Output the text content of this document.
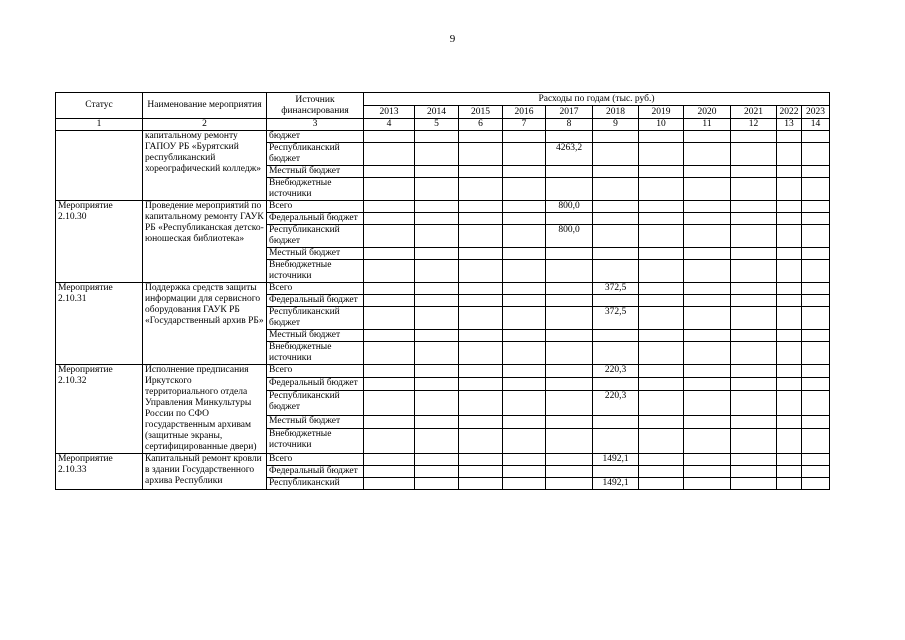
9
Статус	Наименование мероприятия	Источник финансирования	Расходы по годам (тыс. руб.)										
			2013	2014	2015	2016	2017	2018	2019	2020	2021	2022	2023
1	2	3	4	5	6	7	8	9	10	11	12	13	14
	капитальному ремонту ГАПОУ РБ «Бурятский республиканский хореографический колледж»	бюджет											
		Республиканский бюджет					4263,2						
		Местный бюджет											
		Внебюджетные источники											
Мероприятие 2.10.30	Проведение мероприятий по капитальному ремонту ГАУК РБ «Республиканская детско-юношеская библиотека»	Всего					800,0						
		Федеральный бюджет											
		Республиканский бюджет					800,0						
		Местный бюджет											
		Внебюджетные источники											
Мероприятие 2.10.31	Поддержка средств защиты информации для сервисного оборудования ГАУК РБ «Государственный архив РБ»	Всего						372,5					
		Федеральный бюджет											
		Республиканский бюджет						372,5					
		Местный бюджет											
		Внебюджетные источники											
Мероприятие 2.10.32	Исполнение предписания Иркутского территориального отдела Управления Минкультуры России по СФО государственным архивам (защитные экраны, сертифицированные двери)	Всего						220,3					
		Федеральный бюджет											
		Республиканский бюджет						220,3					
		Местный бюджет											
		Внебюджетные источники											
Мероприятие 2.10.33	Капитальный ремонт кровли в здании Государственного архива Республики	Всего						1492,1					
		Федеральный бюджет											
		Республиканский						1492,1					
